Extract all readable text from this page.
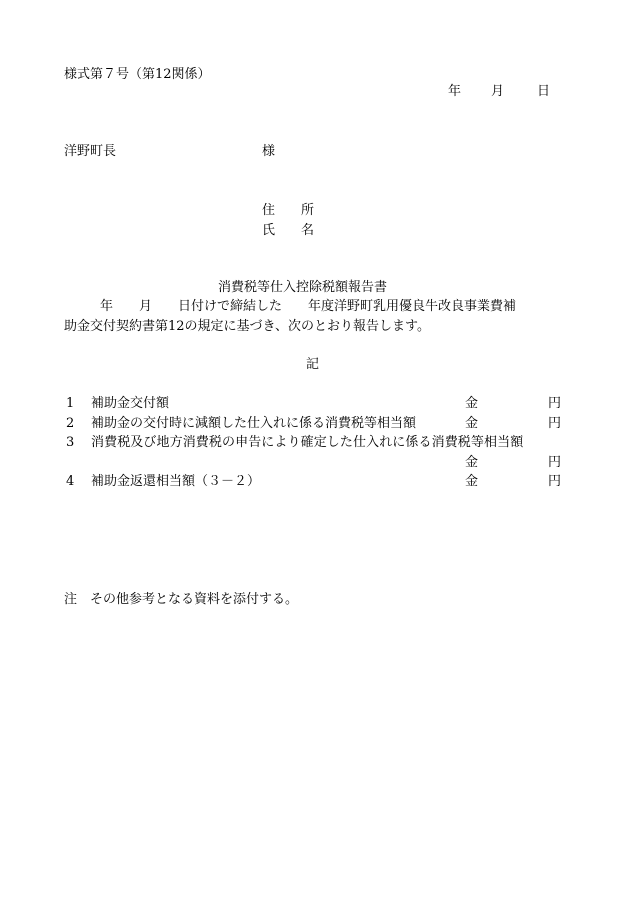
様式第７号（第12関係）
年 月	日
洋野町長	様
住　　所
氏　　名
消費税等仕入控除税額報告書
年　　月　　日付けで締結した　　年度洋野町乳用優良牛改良事業費補
助金交付契約書第12の規定に基づき、次のとおり報告します。
記
1 補助金交付額	金	円
2 補助金の交付時に減額した仕入れに係る消費税等相当額	金	円
3 消費税及び地方消費税の申告により確定した仕入れに係る消費税等相当額
金	円
4 補助金返還相当額（３－２）	金	円
注　その他参考となる資料を添付する。
